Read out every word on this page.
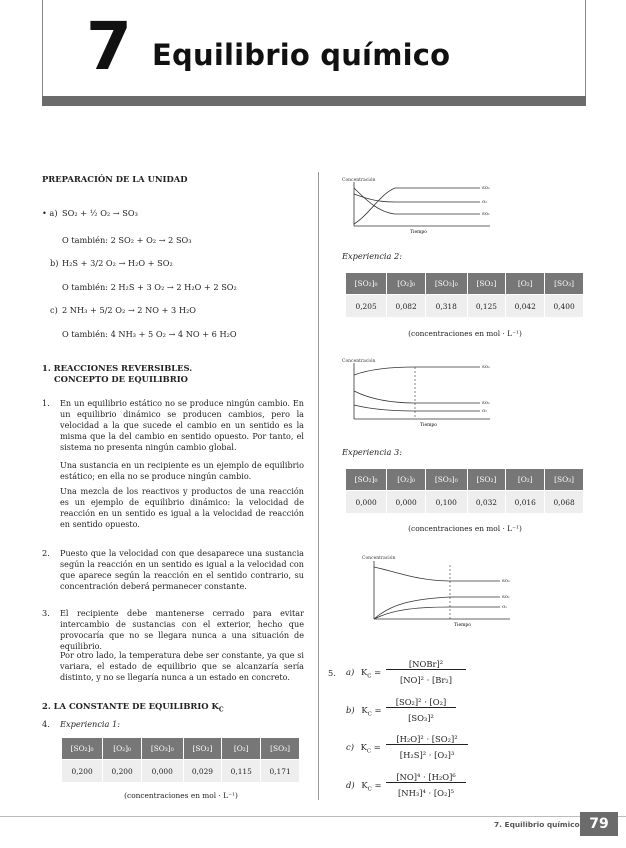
7 Equilibrio químico
PREPARACIÓN DE LA UNIDAD
• a) SO₂ + ½ O₂ → SO₃
O también: 2 SO₂ + O₂ → 2 SO₃
b) H₂S + 3/2 O₂ → H₂O + SO₂
O también: 2 H₂S + 3 O₂ → 2 H₂O + 2 SO₂
c) 2 NH₃ + 5/2 O₂ → 2 NO + 3 H₂O
O también: 4 NH₃ + 5 O₂ → 4 NO + 6 H₂O
1. REACCIONES REVERSIBLES.
CONCEPTO DE EQUILIBRIO
1. En un equilibrio estático no se produce ningún cambio. En un equilibrio dinámico se producen cambios, pero la velocidad a la que sucede el cambio en un sentido es la misma que la del cambio en sentido opuesto. Por tanto, el sistema no presenta ningún cambio global.
Una sustancia en un recipiente es un ejemplo de equilibrio estático; en ella no se produce ningún cambio.
Una mezcla de los reactivos y productos de una reacción es un ejemplo de equilibrio dinámico: la velocidad de reacción en un sentido es igual a la velocidad de reacción en sentido opuesto.
2. Puesto que la velocidad con que desaparece una sustancia según la reacción en un sentido es igual a la velocidad con que aparece según la reacción en el sentido contrario, su concentración deberá permanecer constante.
3. El recipiente debe mantenerse cerrado para evitar intercambio de sustancias con el exterior, hecho que provocaría que no se llegara nunca a una situación de equilibrio.
Por otro lado, la temperatura debe ser constante, ya que si variara, el estado de equilibrio que se alcanzaría sería distinto, y no se llegaría nunca a un estado en concreto.
2. LA CONSTANTE DE EQUILIBRIO $K_C$
4. Experiencia 1:
[SO₂]₀	[O₂]₀	[SO₃]₀	[SO₂]	[O₂]	[SO₃]
0,200	0,200	0,000	0,029	0,115	0,171
(concentraciones en mol · L⁻¹)
Concentración
SO₃
O₂
SO₂
Tiempo
Experiencia 2:
[SO₂]₀	[O₂]₀	[SO₃]₀	[SO₂]	[O₂]	[SO₃]
0,205	0,082	0,318	0,125	0,042	0,400
(concentraciones en mol · L⁻¹)
Concentración
SO₃
SO₂
O₂
Tiempo
Experiencia 3:
[SO₂]₀	[O₂]₀	[SO₃]₀	[SO₂]	[O₂]	[SO₃]
0,000	0,000	0,100	0,032	0,016	0,068
(concentraciones en mol · L⁻¹)
Concentración
SO₃
SO₂
O₂
Tiempo
5. a) $K_C$ =
[NOBr]²
[NO]² · [Br₂]
b) $K_C$ =
[SO₂]² · [O₂]
[SO₃]²
c) $K_C$ =
[H₂O]² · [SO₂]²
[H₂S]² · [O₂]³
d) $K_C$ =
[NO]⁴ · [H₂O]⁶
[NH₃]⁴ · [O₂]⁵
7. Equilibrio químico 79
